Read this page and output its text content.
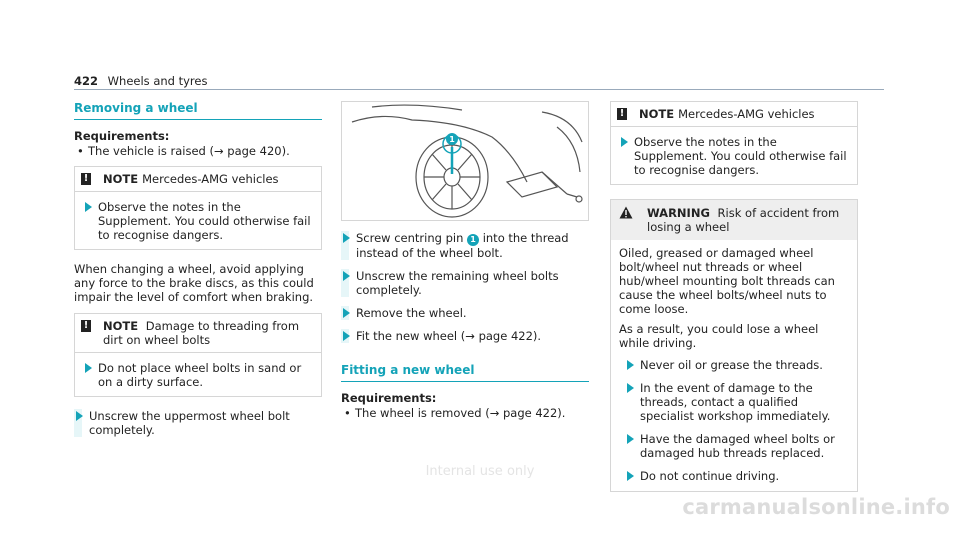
422 Wheels and tyres
Removing a wheel
Requirements:
• The vehicle is raised (→ page 420).
! NOTE Mercedes-AMG vehicles
Observe the notes in the Supplement. You could otherwise fail to recognise dangers.
When changing a wheel, avoid applying any force to the brake discs, as this could impair the level of comfort when braking.
! NOTE Damage to threading from dirt on wheel bolts
Do not place wheel bolts in sand or on a dirty surface.
Unscrew the uppermost wheel bolt completely.
1
Screw centring pin 1 into the thread instead of the wheel bolt.
Unscrew the remaining wheel bolts completely.
Remove the wheel.
Fit the new wheel (→ page 422).
Fitting a new wheel
Requirements:
• The wheel is removed (→ page 422).
! NOTE Mercedes-AMG vehicles
Observe the notes in the Supplement. You could otherwise fail to recognise dangers.
WARNING Risk of accident from losing a wheel

Oiled, greased or damaged wheel bolt/wheel nut threads or wheel hub/wheel mounting bolt threads can cause the wheel bolts/wheel nuts to come loose.

As a result, you could lose a wheel while driving.

Never oil or grease the threads.
In the event of damage to the threads, contact a qualified specialist workshop immediately.
Have the damaged wheel bolts or damaged hub threads replaced.
Do not continue driving.
Internal use only
carmanualsonline.info
